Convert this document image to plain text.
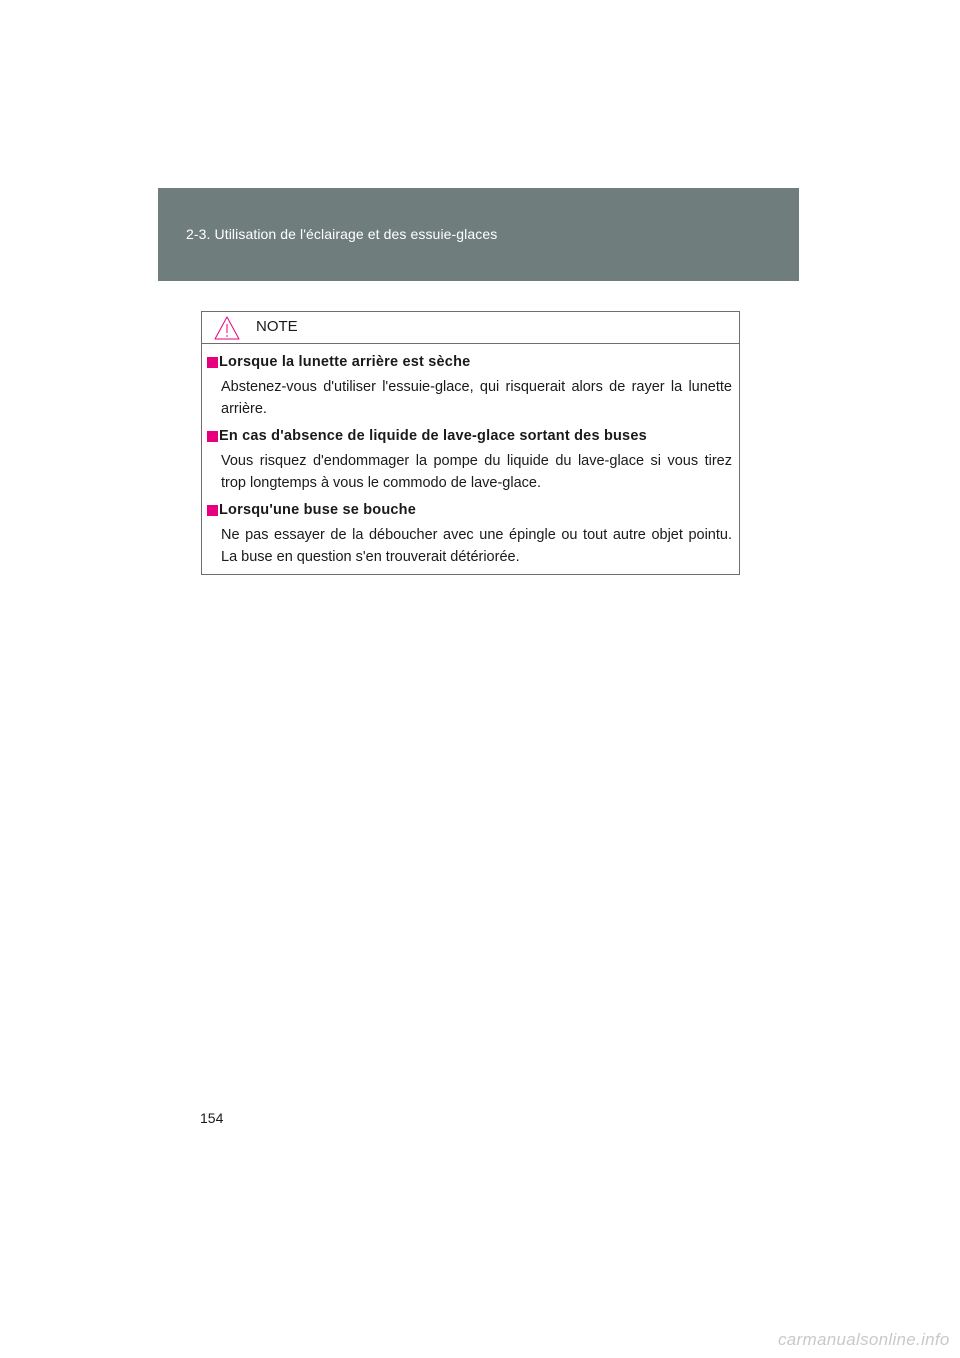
2-3. Utilisation de l'éclairage et des essuie-glaces
NOTE
Lorsque la lunette arrière est sèche
Abstenez-vous d'utiliser l'essuie-glace, qui risquerait alors de rayer la lunette arrière.
En cas d'absence de liquide de lave-glace sortant des buses
Vous risquez d'endommager la pompe du liquide du lave-glace si vous tirez trop longtemps à vous le commodo de lave-glace.
Lorsqu'une buse se bouche
Ne pas essayer de la déboucher avec une épingle ou tout autre objet pointu. La buse en question s'en trouverait détériorée.
154
carmanualsonline.info
